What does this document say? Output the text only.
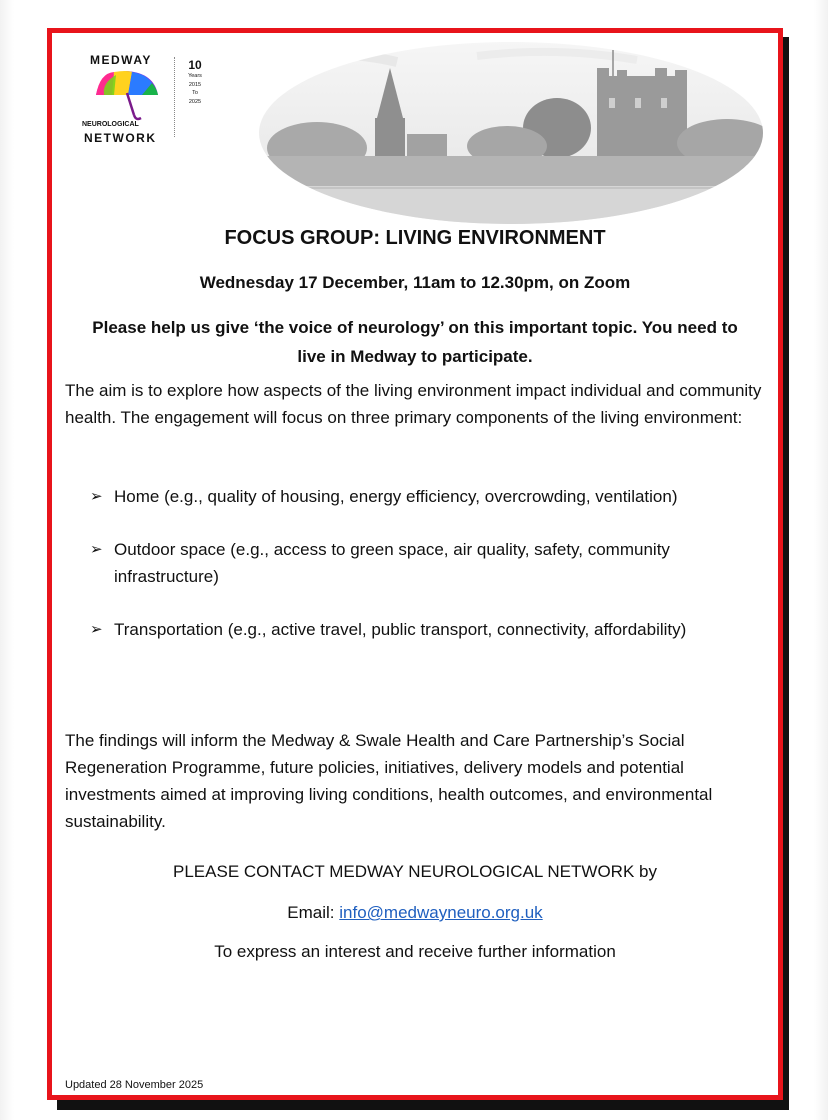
MEDWAY
NEUROLOGICAL
NETWORK
10
Years
2015
To
2025
FOCUS GROUP: LIVING ENVIRONMENT
Wednesday 17 December, 11am to 12.30pm, on Zoom
Please help us give ‘the voice of neurology’ on this important topic. You need to live in Medway to participate.
The aim is to explore how aspects of the living environment impact individual and community health. The engagement will focus on three primary components of the living environment:
➢ Home (e.g., quality of housing, energy efficiency, overcrowding, ventilation)
➢ Outdoor space (e.g., access to green space, air quality, safety, community infrastructure)
➢ Transportation (e.g., active travel, public transport, connectivity, affordability)
The findings will inform the Medway & Swale Health and Care Partnership’s Social Regeneration Programme, future policies, initiatives, delivery models and potential investments aimed at improving living conditions, health outcomes, and environmental sustainability.
PLEASE CONTACT MEDWAY NEUROLOGICAL NETWORK by
Email: info@medwayneuro.org.uk
To express an interest and receive further information
Updated 28 November 2025
